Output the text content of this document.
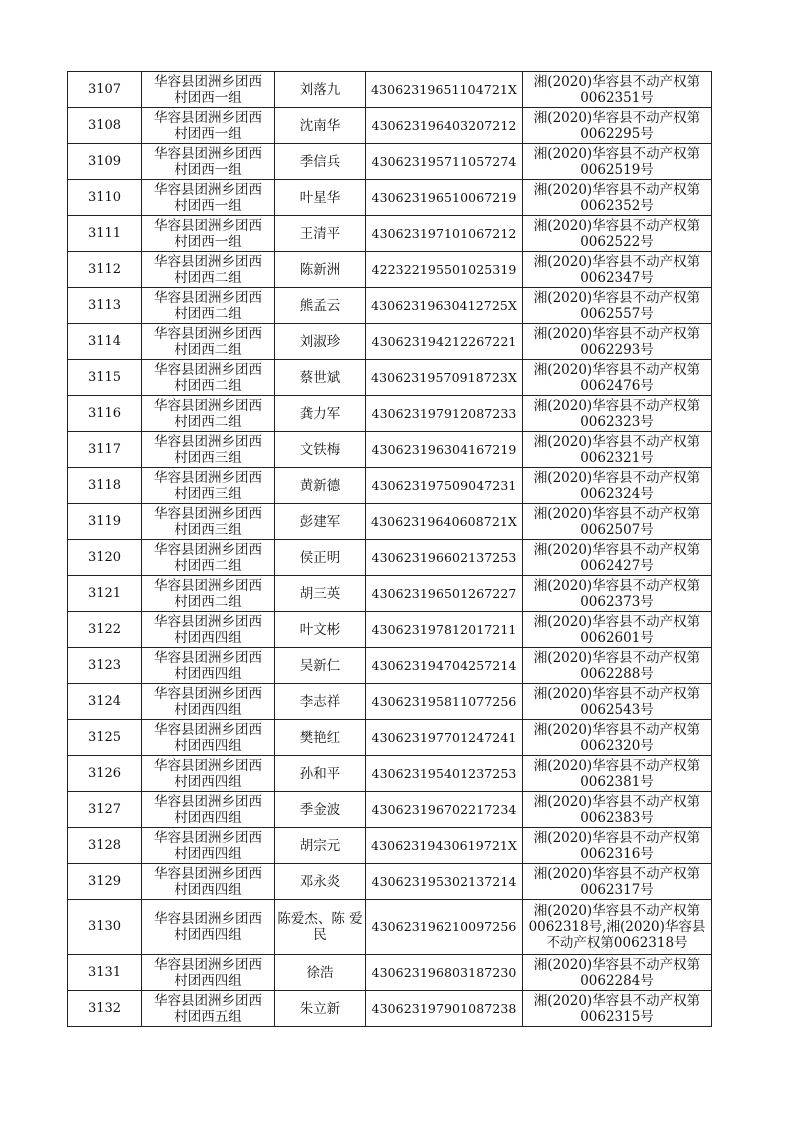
3107	华容县团洲乡团西
村团西一组	刘落九	43062319651104721X	湘(2020)华容县不动产权第
0062351号
3108	华容县团洲乡团西
村团西一组	沈南华	430623196403207212	湘(2020)华容县不动产权第
0062295号
3109	华容县团洲乡团西
村团西一组	季信兵	430623195711057274	湘(2020)华容县不动产权第
0062519号
3110	华容县团洲乡团西
村团西一组	叶星华	430623196510067219	湘(2020)华容县不动产权第
0062352号
3111	华容县团洲乡团西
村团西一组	王清平	430623197101067212	湘(2020)华容县不动产权第
0062522号
3112	华容县团洲乡团西
村团西二组	陈新洲	422322195501025319	湘(2020)华容县不动产权第
0062347号
3113	华容县团洲乡团西
村团西二组	熊孟云	43062319630412725X	湘(2020)华容县不动产权第
0062557号
3114	华容县团洲乡团西
村团西二组	刘淑珍	430623194212267221	湘(2020)华容县不动产权第
0062293号
3115	华容县团洲乡团西
村团西二组	蔡世斌	43062319570918723X	湘(2020)华容县不动产权第
0062476号
3116	华容县团洲乡团西
村团西二组	龚力军	430623197912087233	湘(2020)华容县不动产权第
0062323号
3117	华容县团洲乡团西
村团西三组	文铁梅	430623196304167219	湘(2020)华容县不动产权第
0062321号
3118	华容县团洲乡团西
村团西三组	黄新德	430623197509047231	湘(2020)华容县不动产权第
0062324号
3119	华容县团洲乡团西
村团西三组	彭建军	43062319640608721X	湘(2020)华容县不动产权第
0062507号
3120	华容县团洲乡团西
村团西二组	侯正明	430623196602137253	湘(2020)华容县不动产权第
0062427号
3121	华容县团洲乡团西
村团西二组	胡三英	430623196501267227	湘(2020)华容县不动产权第
0062373号
3122	华容县团洲乡团西
村团西四组	叶文彬	430623197812017211	湘(2020)华容县不动产权第
0062601号
3123	华容县团洲乡团西
村团西四组	吴新仁	430623194704257214	湘(2020)华容县不动产权第
0062288号
3124	华容县团洲乡团西
村团西四组	李志祥	430623195811077256	湘(2020)华容县不动产权第
0062543号
3125	华容县团洲乡团西
村团西四组	樊艳红	430623197701247241	湘(2020)华容县不动产权第
0062320号
3126	华容县团洲乡团西
村团西四组	孙和平	430623195401237253	湘(2020)华容县不动产权第
0062381号
3127	华容县团洲乡团西
村团西四组	季金波	430623196702217234	湘(2020)华容县不动产权第
0062383号
3128	华容县团洲乡团西
村团西四组	胡宗元	43062319430619721X	湘(2020)华容县不动产权第
0062316号
3129	华容县团洲乡团西
村团西四组	邓永炎	430623195302137214	湘(2020)华容县不动产权第
0062317号
3130	华容县团洲乡团西
村团西四组	陈爱杰、陈 爱民	430623196210097256	湘(2020)华容县不动产权第
0062318号,湘(2020)华容县
不动产权第0062318号
3131	华容县团洲乡团西
村团西四组	徐浩	430623196803187230	湘(2020)华容县不动产权第
0062284号
3132	华容县团洲乡团西
村团西五组	朱立新	430623197901087238	湘(2020)华容县不动产权第
0062315号
